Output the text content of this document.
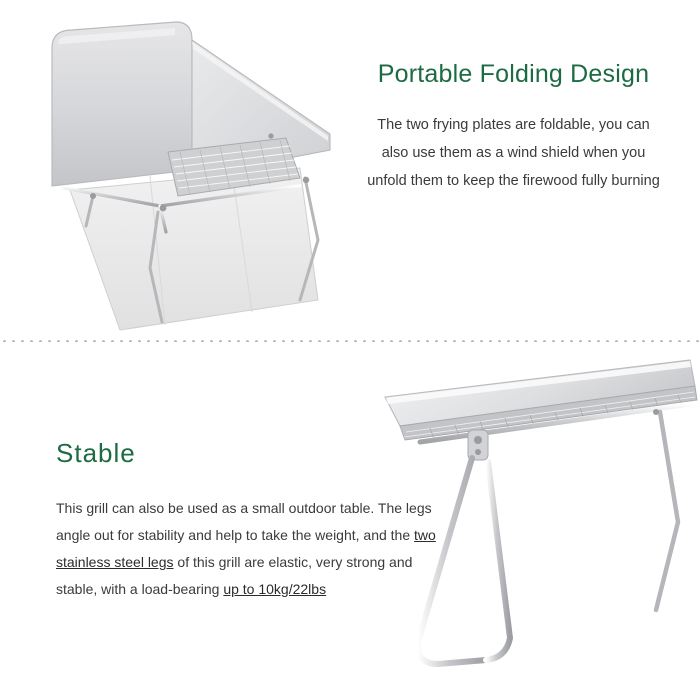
Portable Folding Design

The two frying plates are foldable, you can also use them as a wind shield when you unfold them to keep the firewood fully burning

Stable

This grill can also be used as a small outdoor table. The legs angle out for stability and help to take the weight, and the two stainless steel legs of this grill are elastic, very strong and stable, with a load-bearing up to 10kg/22lbs
